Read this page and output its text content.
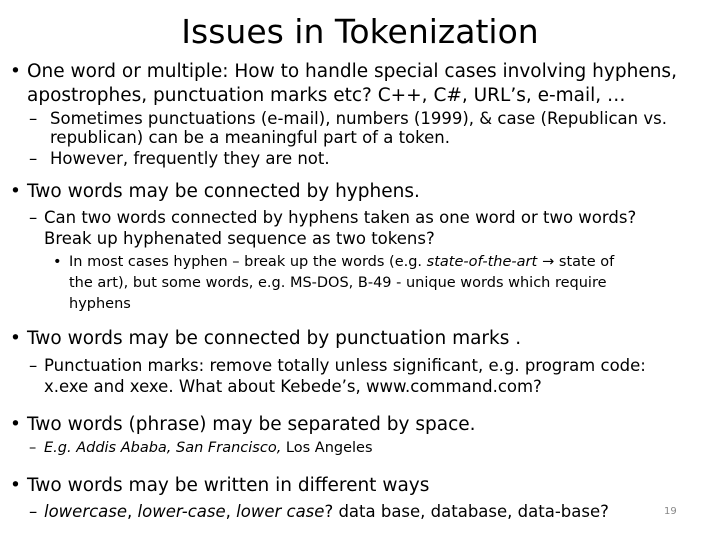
Issues in Tokenization
• One word or multiple: How to handle special cases involving hyphens,
apostrophes, punctuation marks etc? C++, C#, URL’s, e-mail, …
– Sometimes punctuations (e-mail), numbers (1999), & case (Republican vs.
republican) can be a meaningful part of a token.
– However, frequently they are not.
• Two words may be connected by hyphens.
– Can two words connected by hyphens taken as one word or two words?
Break up hyphenated sequence as two tokens?
• In most cases hyphen – break up the words (e.g. state-of-the-art → state of
the art), but some words, e.g. MS-DOS, B-49 - unique words which require
hyphens
• Two words may be connected by punctuation marks .
– Punctuation marks: remove totally unless significant, e.g. program code:
x.exe and xexe. What about Kebede’s, www.command.com?
• Two words (phrase) may be separated by space.
– E.g. Addis Ababa, San Francisco, Los Angeles
• Two words may be written in different ways
– lowercase, lower-case, lower case? data base, database, data-base?	19
